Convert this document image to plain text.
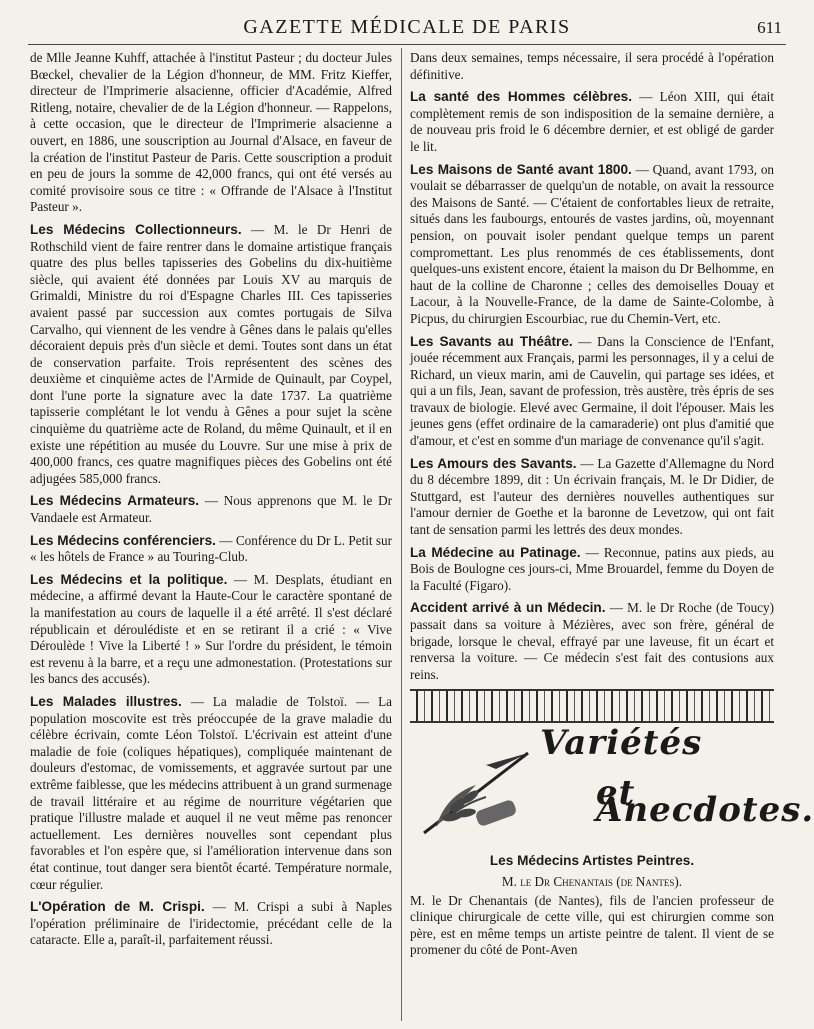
GAZETTE MÉDICALE DE PARIS	611

de Mlle Jeanne Kuhff, attachée à l'institut Pasteur ; du docteur Jules Bœckel, chevalier de la Légion d'honneur, de MM. Fritz Kieffer, directeur de l'Imprimerie alsacienne, officier d'Académie, Alfred Ritleng, notaire, chevalier de de la Légion d'honneur. — Rappelons, à cette occasion, que le directeur de l'Imprimerie alsacienne a ouvert, en 1886, une souscription au Journal d'Alsace, en faveur de la création de l'institut Pasteur de Paris. Cette souscription a produit en peu de jours la somme de 42,000 francs, qui ont été versés au comité provisoire sous ce titre : « Offrande de l'Alsace à l'Institut Pasteur ».

Les Médecins Collectionneurs. — M. le Dr Henri de Rothschild vient de faire rentrer dans le domaine artistique français quatre des plus belles tapisseries des Gobelins du dix-huitième siècle, qui avaient été données par Louis XV au marquis de Grimaldi, Ministre du roi d'Espagne Charles III. Ces tapisseries avaient passé par succession aux comtes portugais de Silva Carvalho, qui viennent de les vendre à Gênes dans le palais qu'elles décoraient depuis près d'un siècle et demi. Toutes sont dans un état de conservation parfaite. Trois représentent des scènes des deuxième et cinquième actes de l'Armide de Quinault, par Coypel, dont l'une porte la signature avec la date 1737. La quatrième tapisserie complétant le lot vendu à Gênes a pour sujet la scène cinquième du quatrième acte de Roland, du même Quinault, et il en existe une répétition au musée du Louvre. Sur une mise à prix de 400,000 francs, ces quatre magnifiques pièces des Gobelins ont été adjugées 585,000 francs.

Les Médecins Armateurs. — Nous apprenons que M. le Dr Vandaele est Armateur.

Les Médecins conférenciers. — Conférence du Dr L. Petit sur « les hôtels de France » au Touring-Club.

Les Médecins et la politique. — M. Desplats, étudiant en médecine, a affirmé devant la Haute-Cour le caractère spontané de la manifestation au cours de laquelle il a été arrêté. Il s'est déclaré républicain et déroulédiste et en se retirant il a crié : « Vive Déroulède ! Vive la Liberté ! » Sur l'ordre du président, le témoin est revenu à la barre, et a reçu une admonestation. (Protestations sur les bancs des accusés).

Les Malades illustres. — La maladie de Tolstoï. — La population moscovite est très préoccupée de la grave maladie du célèbre écrivain, comte Léon Tolstoï. L'écrivain est atteint d'une maladie de foie (coliques hépatiques), compliquée maintenant de douleurs d'estomac, de vomissements, et aggravée surtout par une extrême faiblesse, que les médecins attribuent à un grand surmenage de travail littéraire et au régime de nourriture végétarien que pratique l'illustre malade et auquel il ne veut même pas renoncer actuellement. Les dernières nouvelles sont cependant plus favorables et l'on espère que, si l'amélioration intervenue dans son état continue, tout danger sera bientôt écarté. Température normale, cœur régulier.

L'Opération de M. Crispi. — M. Crispi a subi à Naples l'opération préliminaire de l'iridectomie, précédant celle de la cataracte. Elle a, paraît-il, parfaitement réussi.

Dans deux semaines, temps nécessaire, il sera procédé à l'opération définitive.

La santé des Hommes célèbres. — Léon XIII, qui était complètement remis de son indisposition de la semaine dernière, a de nouveau pris froid le 6 décembre dernier, et est obligé de garder le lit.

Les Maisons de Santé avant 1800. — Quand, avant 1793, on voulait se débarrasser de quelqu'un de notable, on avait la ressource des Maisons de Santé. — C'étaient de confortables lieux de retraite, situés dans les faubourgs, entourés de vastes jardins, où, moyennant pension, on pouvait isoler pendant quelque temps un parent compromettant. Les plus renommés de ces établissements, dont quelques-uns existent encore, étaient la maison du Dr Belhomme, en haut de la colline de Charonne ; celles des demoiselles Douay et Lacour, à la Nouvelle-France, de la dame de Sainte-Colombe, à Picpus, du chirurgien Escourbiac, rue du Chemin-Vert, etc.

Les Savants au Théâtre. — Dans la Conscience de l'Enfant, jouée récemment aux Français, parmi les personnages, il y a celui de Richard, un vieux marin, ami de Cauvelin, qui partage ses idées, et qui a un fils, Jean, savant de profession, très austère, très épris de ses travaux de biologie. Elevé avec Germaine, il doit l'épouser. Mais les jeunes gens (effet ordinaire de la camaraderie) ont plus d'amitié que d'amour, et c'est en somme d'un mariage de convenance qu'il s'agit.

Les Amours des Savants. — La Gazette d'Allemagne du Nord du 8 décembre 1899, dit : Un écrivain français, M. le Dr Didier, de Stuttgard, est l'auteur des dernières nouvelles authentiques sur l'amour dernier de Goethe et la baronne de Levetzow, qui ont fait tant de sensation parmi les lettrés des deux mondes.

La Médecine au Patinage. — Reconnue, patins aux pieds, au Bois de Boulogne ces jours-ci, Mme Brouardel, femme du Doyen de la Faculté (Figaro).

Accident arrivé à un Médecin. — M. le Dr Roche (de Toucy) passait dans sa voiture à Mézières, avec son frère, général de brigade, lorsque le cheval, effrayé par une laveuse, fit un écart et renversa la voiture. — Ce médecin s'est fait des contusions aux reins.

Variétés
et Anecdotes.
Les Médecins Artistes Peintres.
M. le Dr Chenantais (de Nantes).

M. le Dr Chenantais (de Nantes), fils de l'ancien professeur de clinique chirurgicale de cette ville, qui est chirurgien comme son père, est en même temps un artiste peintre de talent. Il vient de se promener du côté de Pont-Aven
